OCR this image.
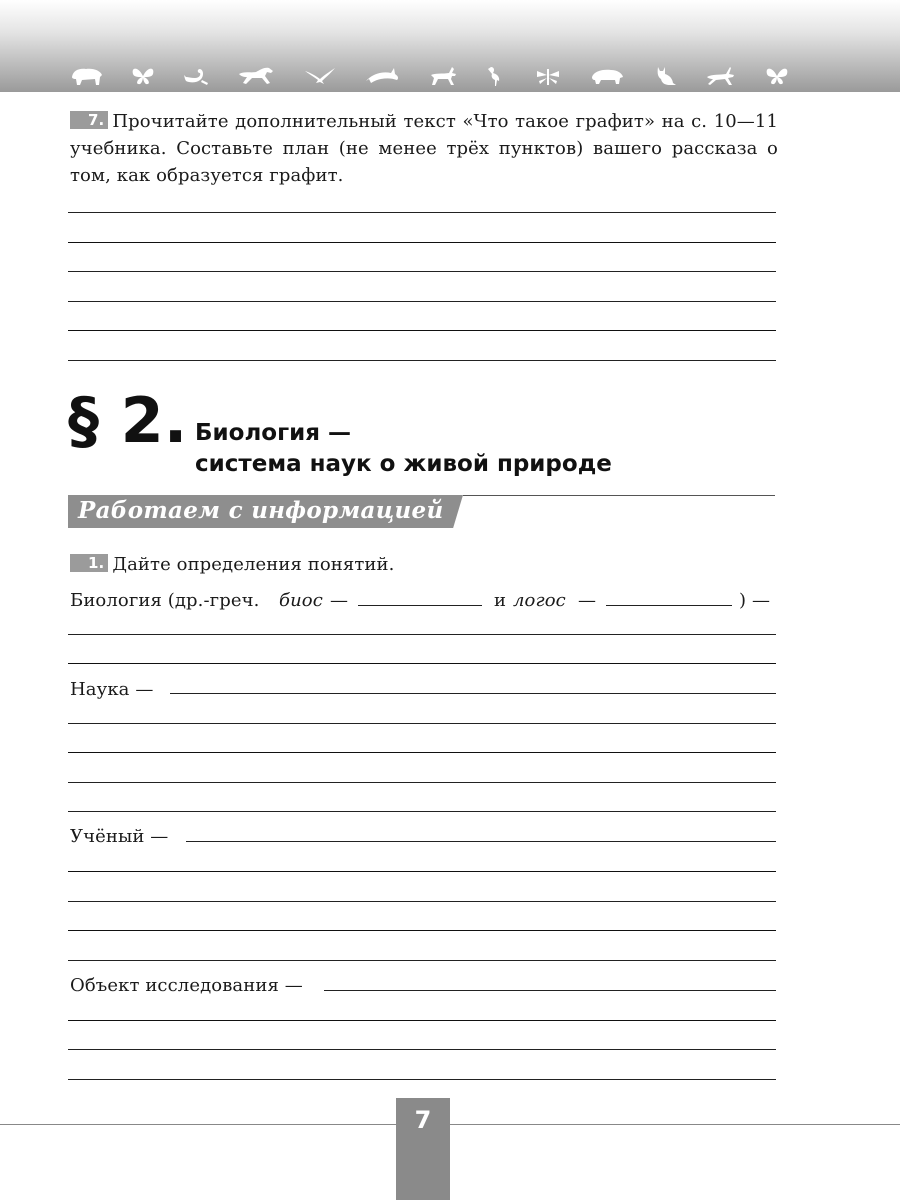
7. Прочитайте дополнительный текст «Что такое графит» на с. 10—11 учебника. Составьте план (не менее трёх пунктов) вашего рассказа о том, как образуется графит.
§ 2. Биология —
система наук о живой природе
Работаем с информацией
1. Дайте определения понятий.
Биология (др.-греч. биос —	и логос —	) —
Наука —
Учёный —
Объект исследования —
7
